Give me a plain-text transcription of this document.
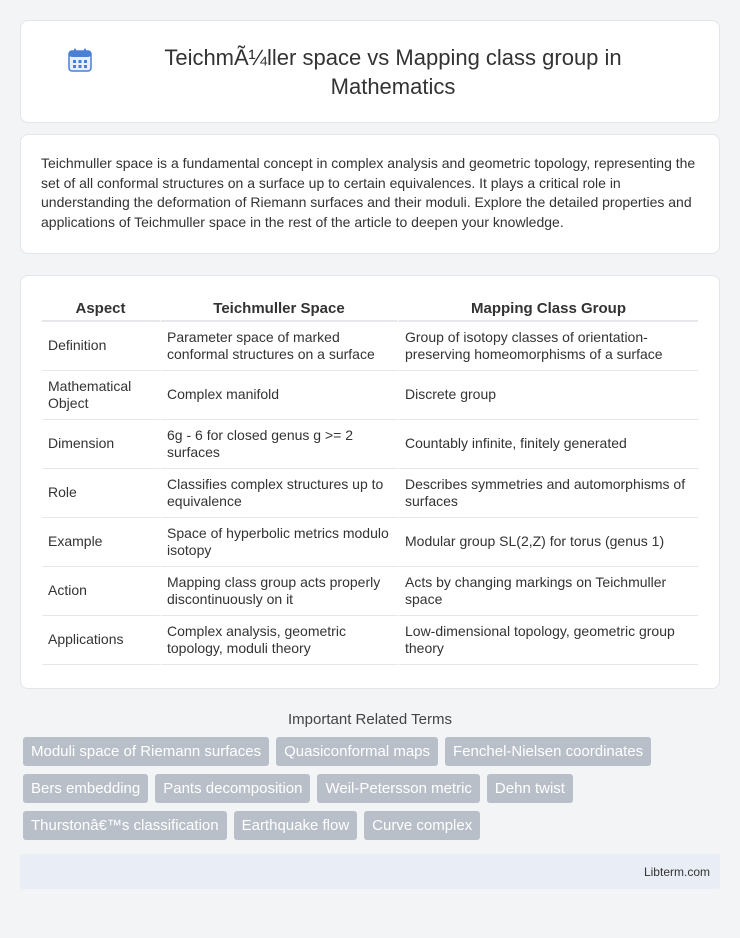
TeichmÃ¼ller space vs Mapping class group in Mathematics

Teichmuller space is a fundamental concept in complex analysis and geometric topology, representing the set of all conformal structures on a surface up to certain equivalences. It plays a critical role in understanding the deformation of Riemann surfaces and their moduli. Explore the detailed properties and applications of Teichmuller space in the rest of the article to deepen your knowledge.

Aspect	Teichmuller Space	Mapping Class Group
Definition	Parameter space of marked conformal structures on a surface	Group of isotopy classes of orientation-preserving homeomorphisms of a surface
Mathematical Object	Complex manifold	Discrete group
Dimension	6g - 6 for closed genus g >= 2 surfaces	Countably infinite, finitely generated
Role	Classifies complex structures up to equivalence	Describes symmetries and automorphisms of surfaces
Example	Space of hyperbolic metrics modulo isotopy	Modular group SL(2,Z) for torus (genus 1)
Action	Mapping class group acts properly discontinuously on it	Acts by changing markings on Teichmuller space
Applications	Complex analysis, geometric topology, moduli theory	Low-dimensional topology, geometric group theory
Important Related Terms
Moduli space of Riemann surfaces	Quasiconformal maps	Fenchel-Nielsen coordinates
Bers embedding	Pants decomposition	Weil-Petersson metric	Dehn twist
Thurstonâ€™s classification	Earthquake flow	Curve complex
Libterm.com
